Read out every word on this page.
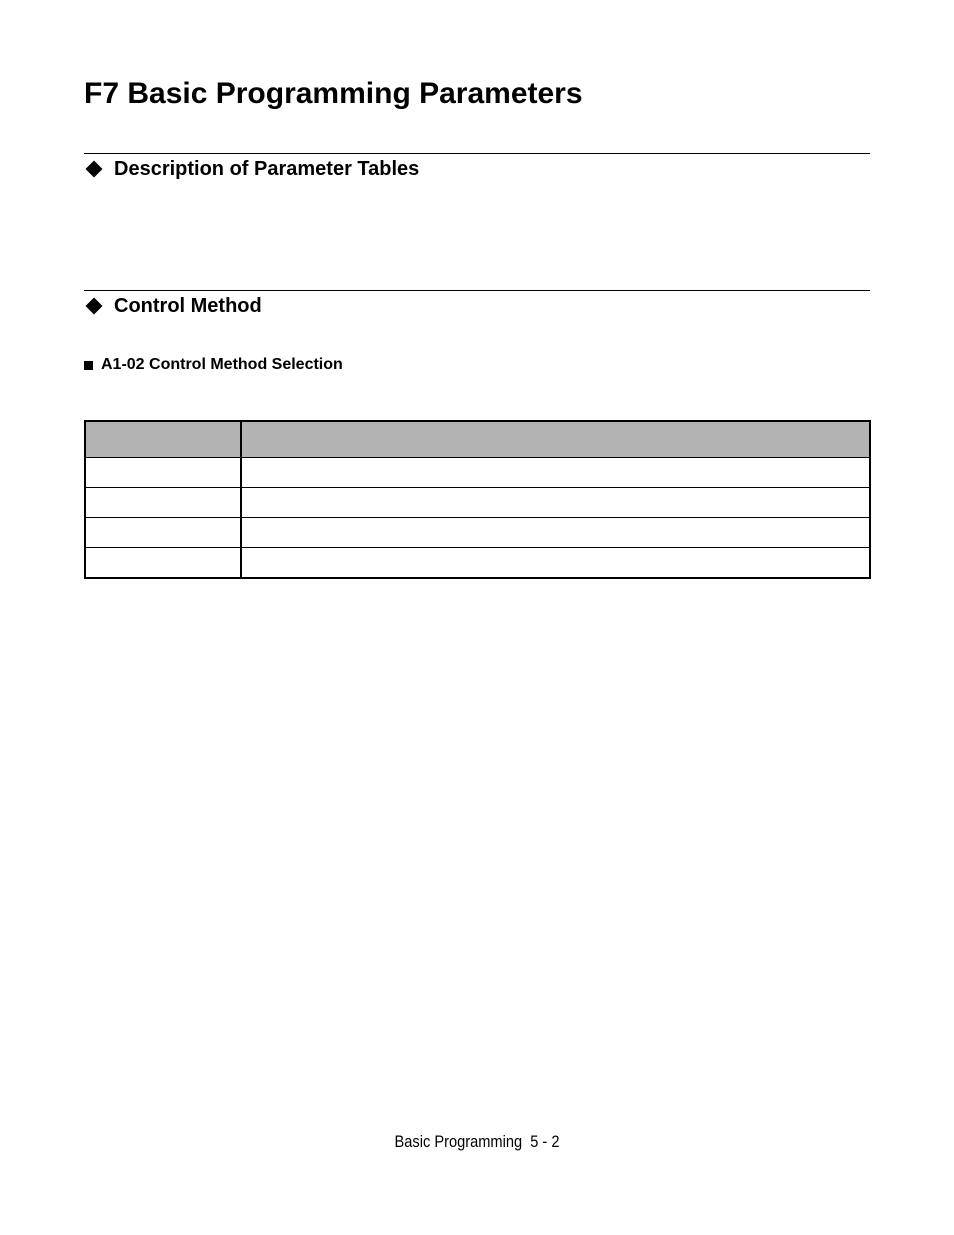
F7 Basic Programming Parameters
Description of Parameter Tables
Control Method
A1-02 Control Method Selection

Basic Programming  5 - 2
